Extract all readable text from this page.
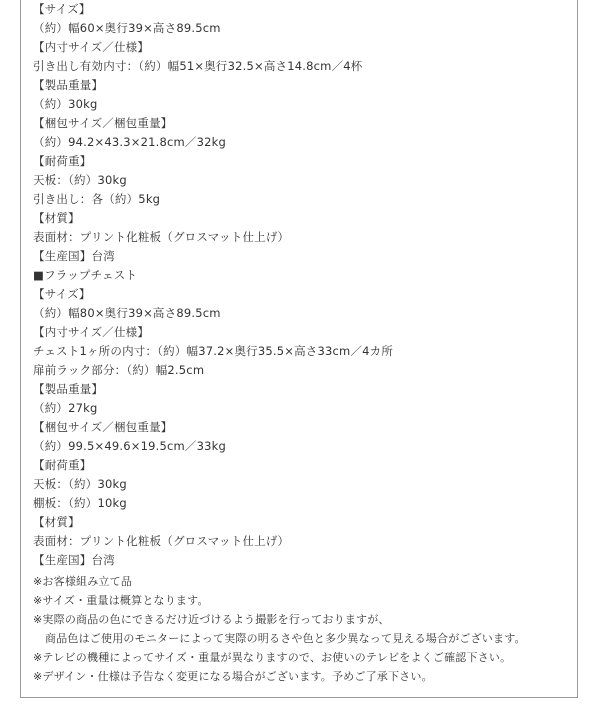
【サイズ】
（約）幅60×奥行39×高さ89.5cm
【内寸サイズ／仕様】
引き出し有効内寸：（約）幅51×奥行32.5×高さ14.8cm／4杯
【製品重量】
（約）30kg
【梱包サイズ／梱包重量】
（約）94.2×43.3×21.8cm／32kg
【耐荷重】
天板：（約）30kg
引き出し：各（約）5kg
【材質】
表面材：プリント化粧板（グロスマット仕上げ）
【生産国】台湾
■フラップチェスト
【サイズ】
（約）幅80×奥行39×高さ89.5cm
【内寸サイズ／仕様】
チェスト1ヶ所の内寸：（約）幅37.2×奥行35.5×高さ33cm／4カ所
扉前ラック部分：（約）幅2.5cm
【製品重量】
（約）27kg
【梱包サイズ／梱包重量】
（約）99.5×49.6×19.5cm／33kg
【耐荷重】
天板：（約）30kg
棚板：（約）10kg
【材質】
表面材：プリント化粧板（グロスマット仕上げ）
【生産国】台湾
※お客様組み立て品
※サイズ・重量は概算となります。
※実際の商品の色にできるだけ近づけるよう撮影を行っておりますが、
商品色はご使用のモニターによって実際の明るさや色と多少異なって見える場合がございます。
※テレビの機種によってサイズ・重量が異なりますので、お使いのテレビをよくご確認下さい。
※デザイン・仕様は予告なく変更になる場合がございます。予めご了承下さい。
